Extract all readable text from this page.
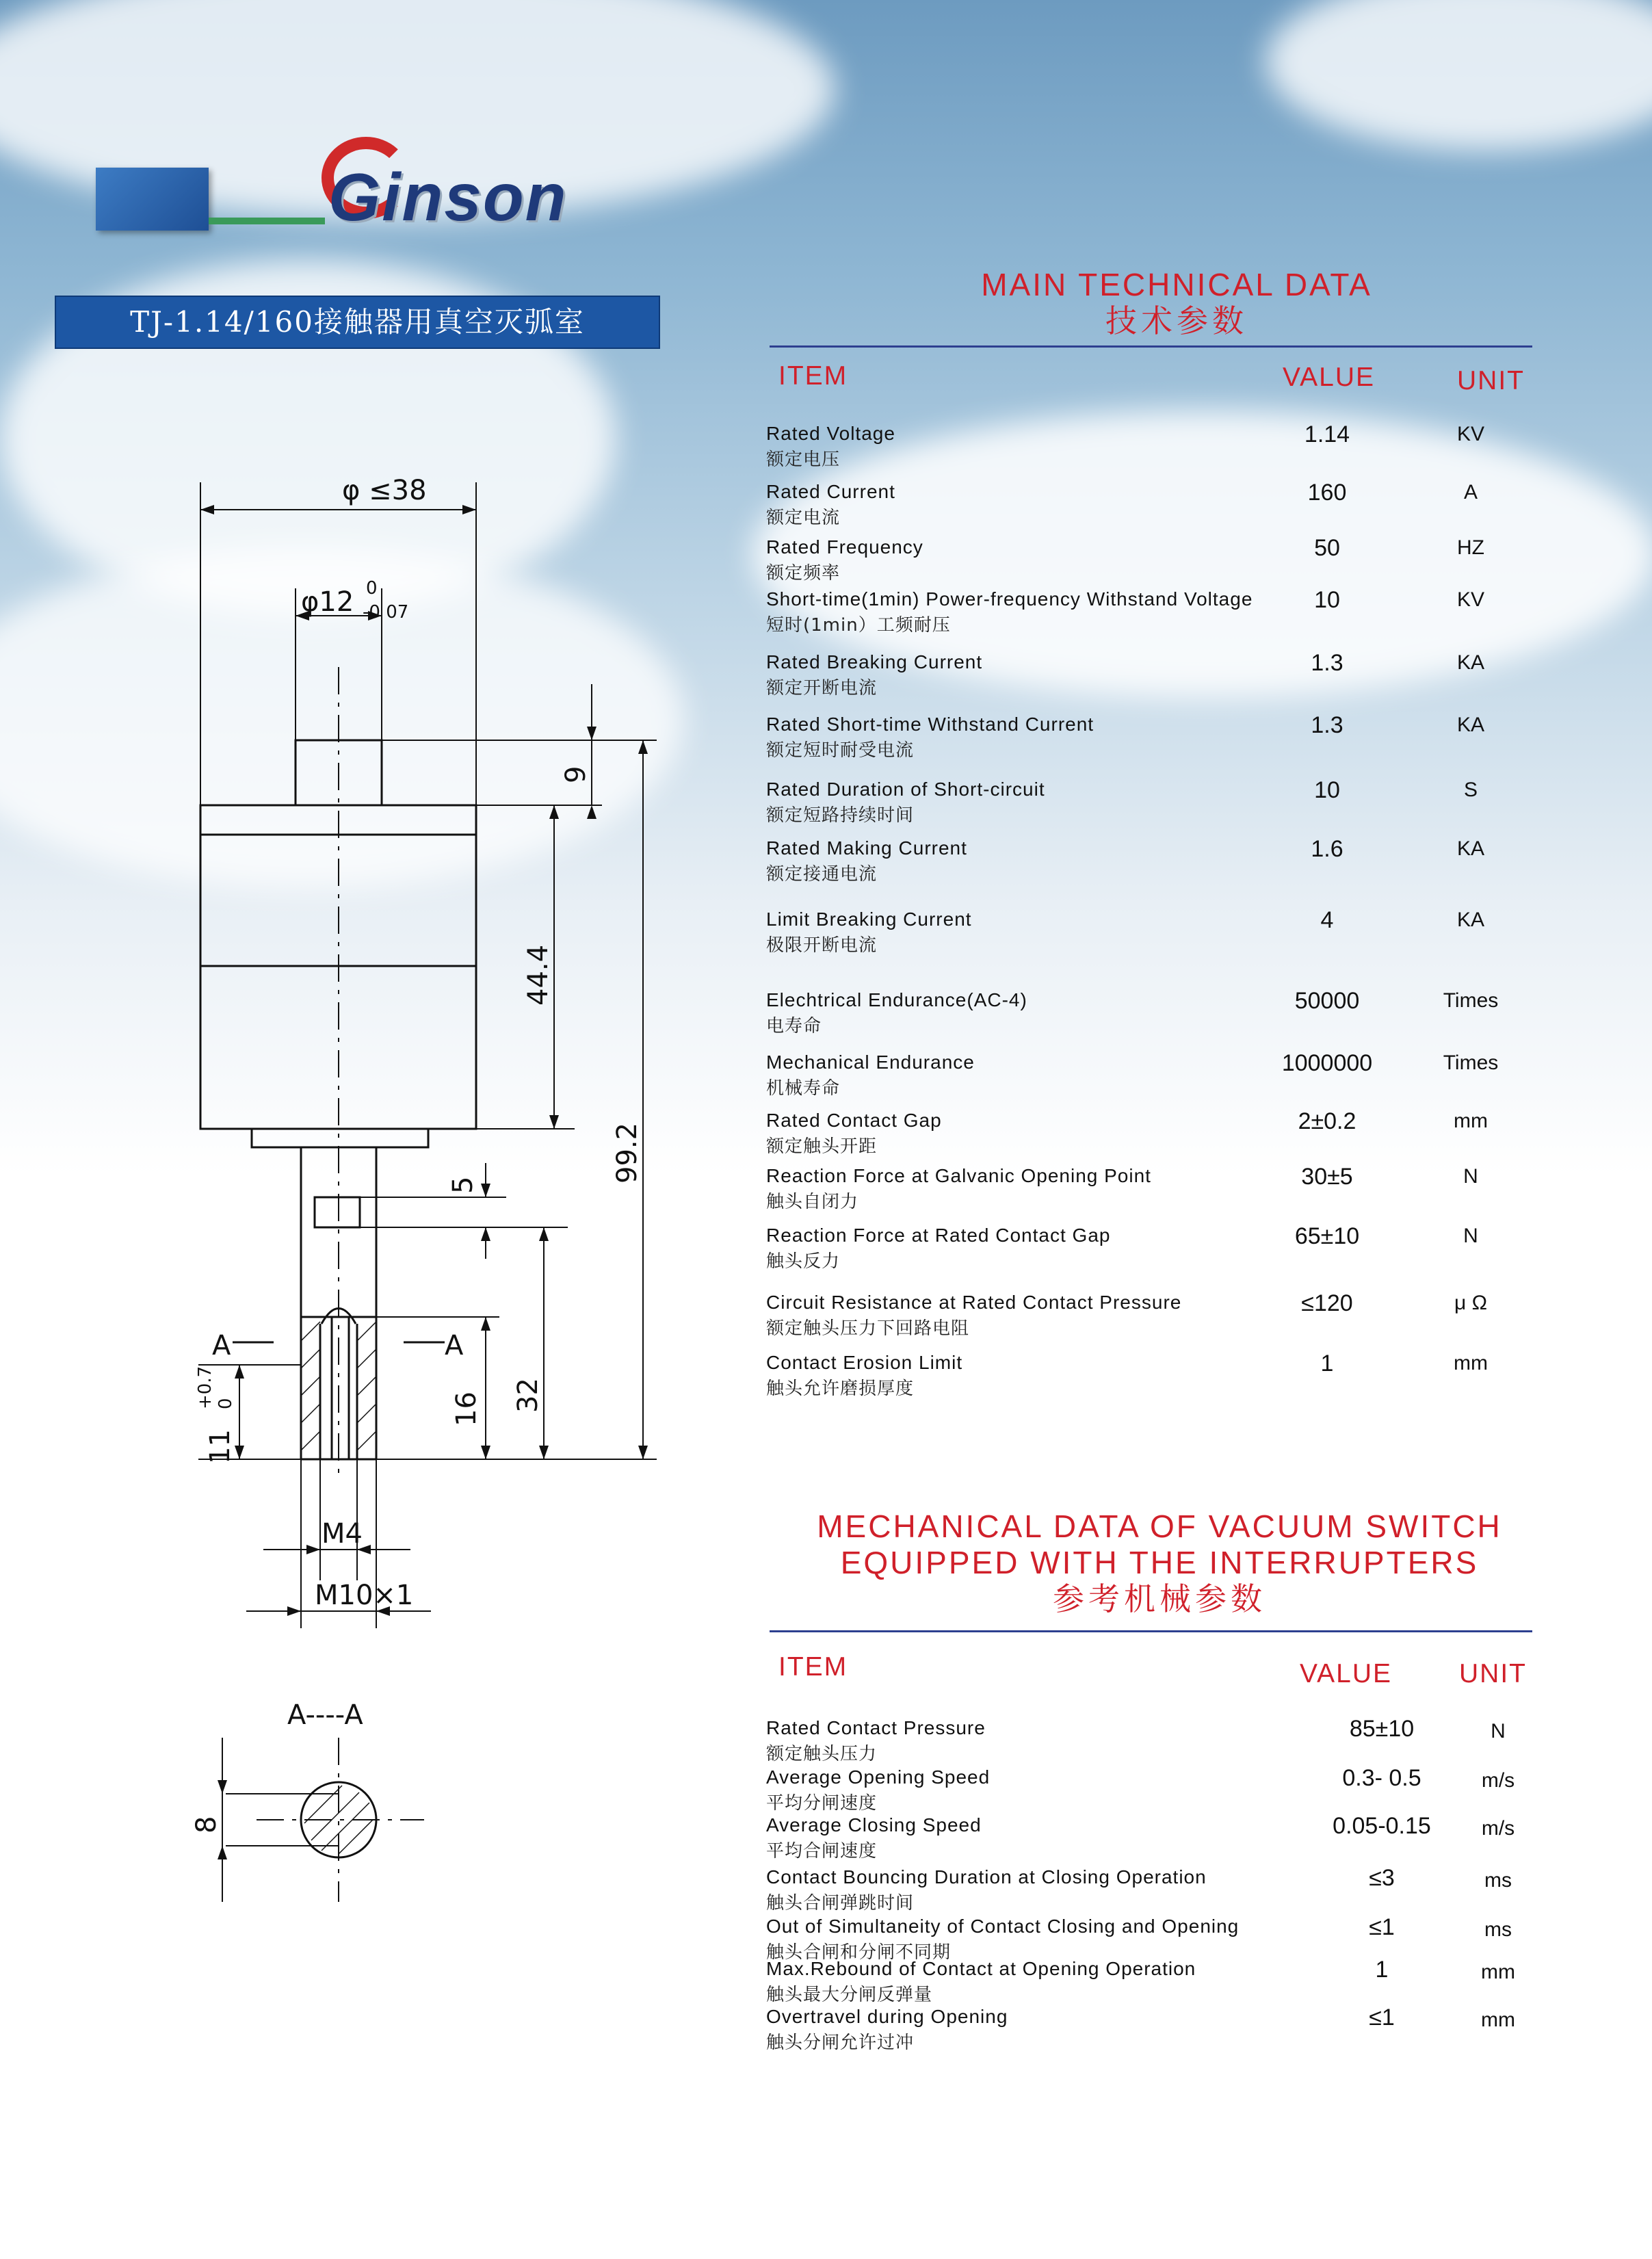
Ginson
TJ-1.14/160接触器用真空灭弧室
φ ≤38
φ12 0
-0 07
9
44.4
99.2
5
32
16
11
+0.7 0
A	A
M4
M10×1
A----A
8
MAIN TECHNICAL DATA
技术参数
ITEM	VALUE	UNIT
Rated Voltage
额定电压
1.14	KV
Rated Current
额定电流
160	A
Rated Frequency
额定频率
50	HZ
Short-time(1min) Power-frequency Withstand Voltage
短时(1min）工频耐压
10	KV
Rated Breaking Current
额定开断电流
1.3	KA
Rated Short-time Withstand Current
额定短时耐受电流
1.3	KA
Rated Duration of Short-circuit
额定短路持续时间
10	S
Rated Making Current
额定接通电流
1.6	KA
Limit Breaking Current
极限开断电流
4	KA
Elechtrical Endurance(AC-4)
电寿命
50000	Times
Mechanical Endurance
机械寿命
1000000	Times
Rated Contact Gap
额定触头开距
2±0.2	mm
Reaction Force at Galvanic Opening Point
触头自闭力
30±5	N
Reaction Force at Rated Contact Gap
触头反力
65±10	N
Circuit Resistance at Rated Contact Pressure
额定触头压力下回路电阻
≤120	μ Ω
Contact Erosion Limit
触头允许磨损厚度
1	mm
MECHANICAL DATA OF VACUUM SWITCH
EQUIPPED WITH THE INTERRUPTERS
参考机械参数
ITEM	VALUE	UNIT
Rated Contact Pressure
额定触头压力
85±10	N
Average Opening Speed
平均分闸速度
0.3- 0.5	m/s
Average Closing Speed
平均合闸速度
0.05-0.15	m/s
Contact Bouncing Duration at Closing Operation
触头合闸弹跳时间
≤3	ms
Out of Simultaneity of Contact Closing and Opening
触头合闸和分闸不同期
≤1	ms
Max.Rebound of Contact at Opening Operation
触头最大分闸反弹量
1	mm
Overtravel during Opening
触头分闸允许过冲
≤1	mm
